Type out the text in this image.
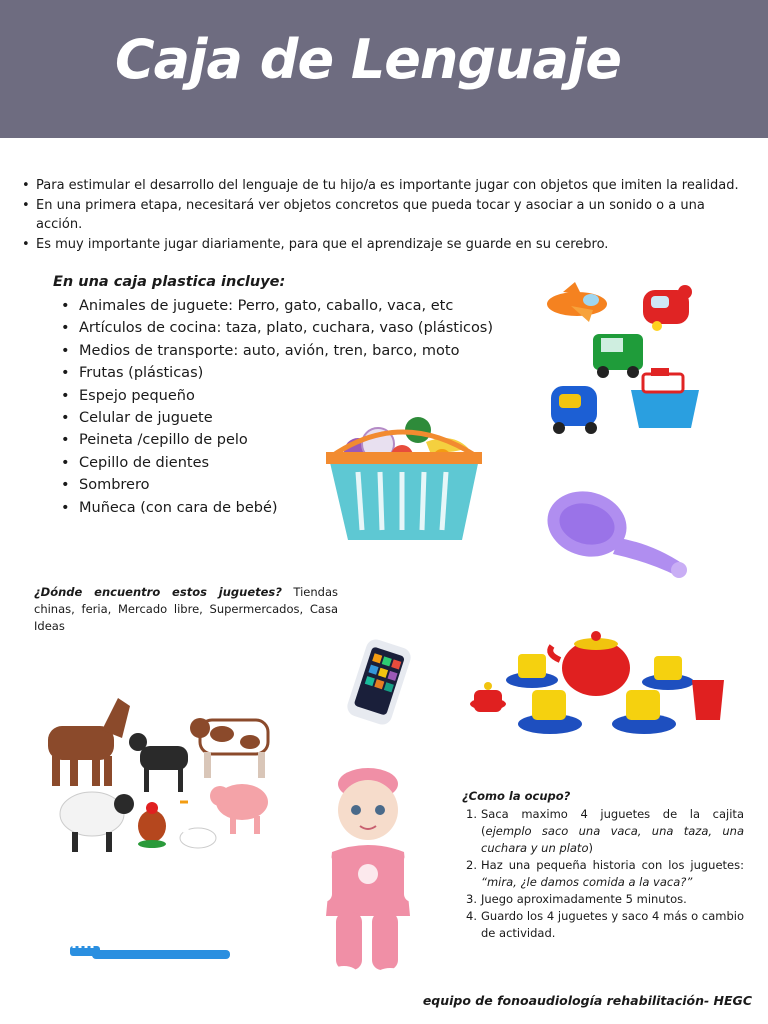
Caja de Lenguaje
• Para estimular el desarrollo del lenguaje de tu hijo/a es importante jugar con objetos que imiten la realidad.
• En una primera etapa, necesitará ver objetos concretos que pueda tocar y asociar a un sonido o a una acción.
• Es muy importante jugar diariamente, para que el aprendizaje se guarde en su cerebro.
En una caja plastica incluye:
• Animales de juguete: Perro, gato, caballo, vaca, etc
• Artículos de cocina: taza, plato, cuchara, vaso (plásticos)
• Medios de transporte: auto, avión, tren, barco, moto
• Frutas (plásticas)
• Espejo pequeño
• Celular de juguete
• Peineta /cepillo de pelo
• Cepillo de dientes
• Sombrero
• Muñeca (con cara de bebé)
¿Dónde encuentro estos juguetes? Tiendas chinas, feria, Mercado libre, Supermercados, Casa Ideas
¿Como la ocupo?
1. Saca maximo 4 juguetes de la cajita (ejemplo saco una vaca, una taza, una cuchara y un plato)
2. Haz una pequeña historia con los juguetes: “mira, ¿le damos comida a la vaca?”
3. Juego aproximadamente 5 minutos.
4. Guardo los 4 juguetes y saco 4 más o cambio de actividad.
equipo de fonoaudiología rehabilitación- HEGC
